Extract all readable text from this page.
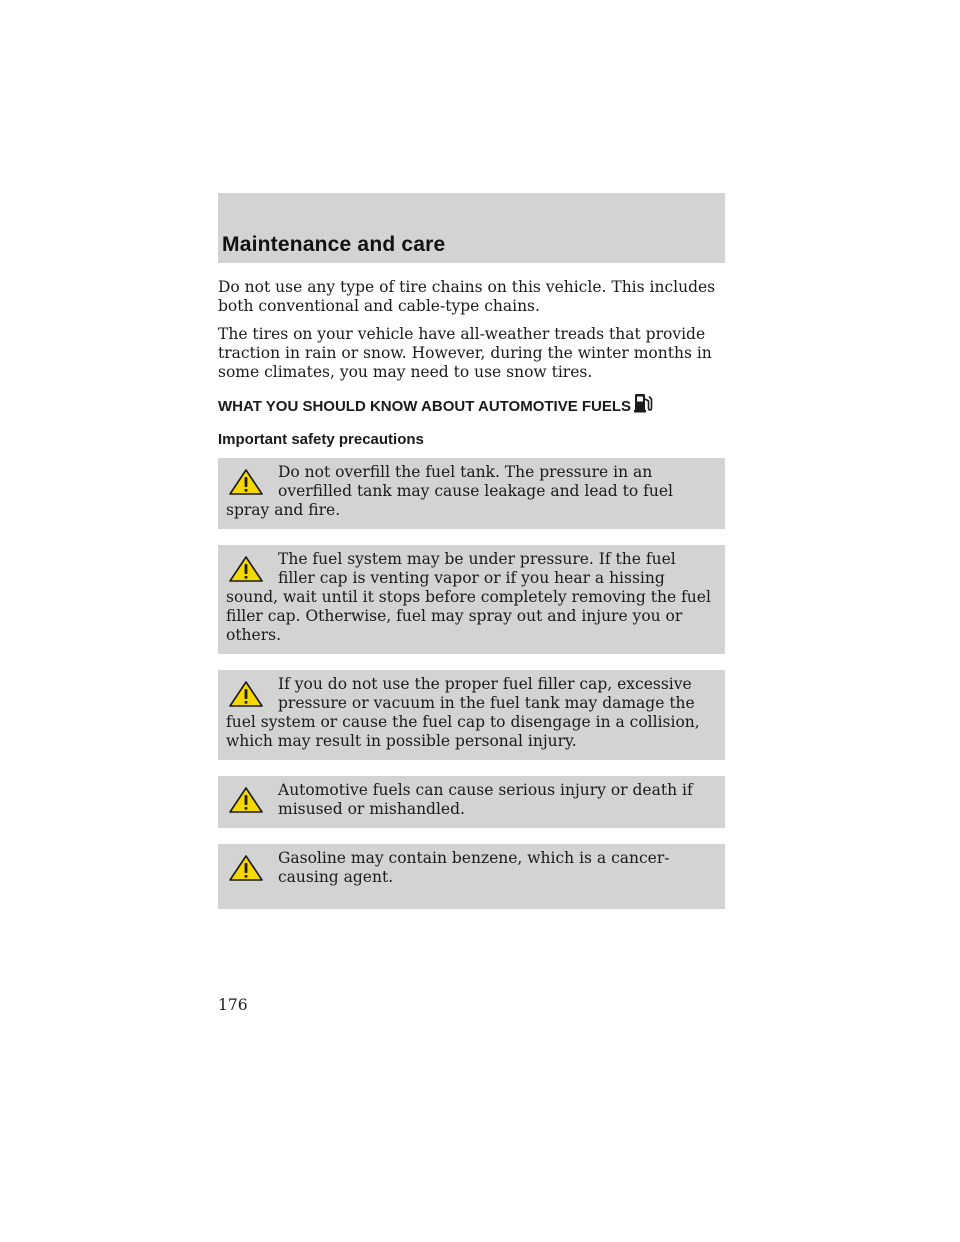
Maintenance and care

Do not use any type of tire chains on this vehicle. This includes both conventional and cable-type chains.

The tires on your vehicle have all-weather treads that provide traction in rain or snow. However, during the winter months in some climates, you may need to use snow tires.

WHAT YOU SHOULD KNOW ABOUT AUTOMOTIVE FUELS
Important safety precautions
Do not overfill the fuel tank. The pressure in an overfilled tank may cause leakage and lead to fuel spray and fire.
The fuel system may be under pressure. If the fuel filler cap is venting vapor or if you hear a hissing sound, wait until it stops before completely removing the fuel filler cap. Otherwise, fuel may spray out and injure you or others.
If you do not use the proper fuel filler cap, excessive pressure or vacuum in the fuel tank may damage the fuel system or cause the fuel cap to disengage in a collision, which may result in possible personal injury.
Automotive fuels can cause serious injury or death if misused or mishandled.
Gasoline may contain benzene, which is a cancer-causing agent.
176
